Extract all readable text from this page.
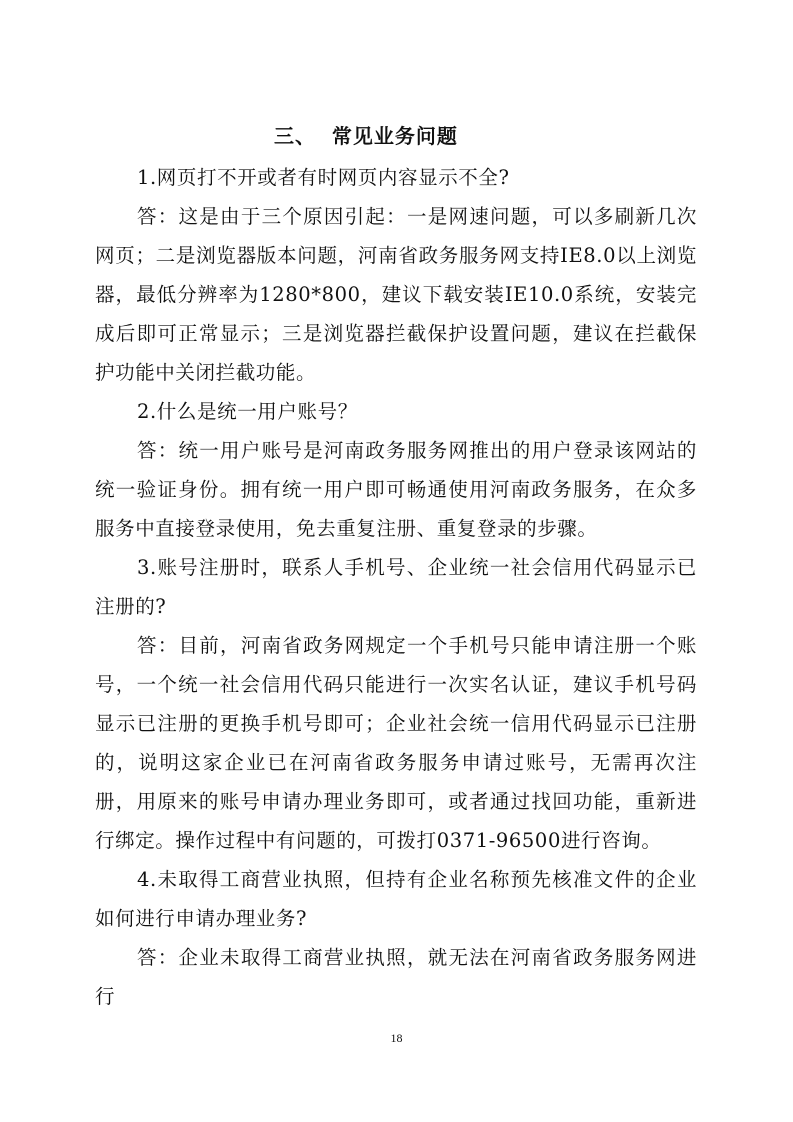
三、  常见业务问题

1.网页打不开或者有时网页内容显示不全?

答：这是由于三个原因引起：一是网速问题，可以多刷新几次网页；二是浏览器版本问题，河南省政务服务网支持IE8.0以上浏览器，最低分辨率为1280*800，建议下载安装IE10.0系统，安装完成后即可正常显示；三是浏览器拦截保护设置问题，建议在拦截保护功能中关闭拦截功能。

2.什么是统一用户账号？

答：统一用户账号是河南政务服务网推出的用户登录该网站的统一验证身份。拥有统一用户即可畅通使用河南政务服务，在众多服务中直接登录使用，免去重复注册、重复登录的步骤。

3.账号注册时，联系人手机号、企业统一社会信用代码显示已注册的?

答：目前，河南省政务网规定一个手机号只能申请注册一个账号，一个统一社会信用代码只能进行一次实名认证，建议手机号码显示已注册的更换手机号即可；企业社会统一信用代码显示已注册的，说明这家企业已在河南省政务服务申请过账号，无需再次注册，用原来的账号申请办理业务即可，或者通过找回功能，重新进行绑定。操作过程中有问题的，可拨打0371-96500进行咨询。

4.未取得工商营业执照，但持有企业名称预先核准文件的企业如何进行申请办理业务?

答：企业未取得工商营业执照，就无法在河南省政务服务网进行

18
